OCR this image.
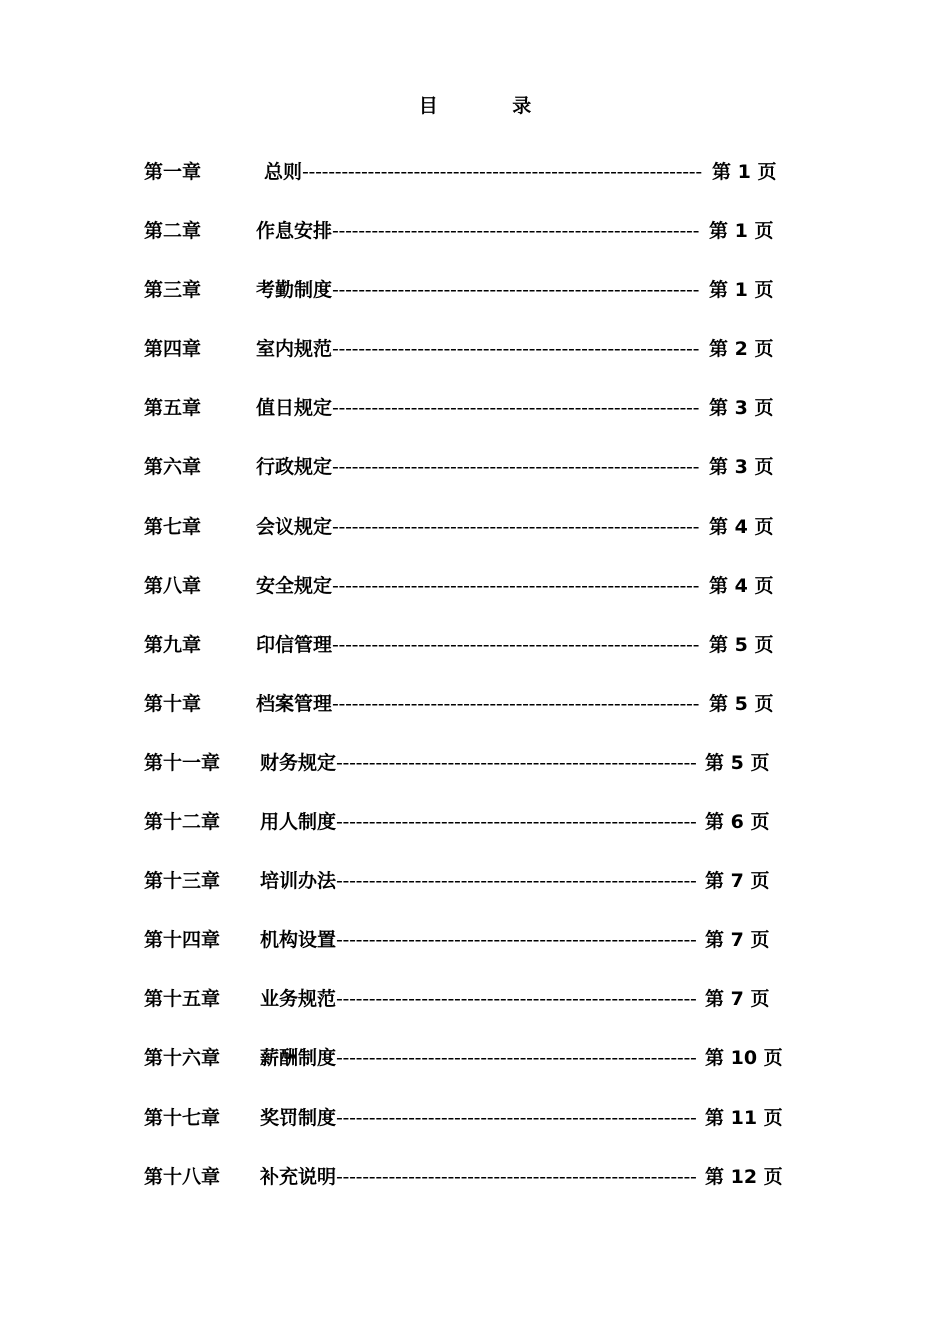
目 录
第一章	总则 ------------------------------------------------------------- 第 1 页
第二章	作息安排 -------------------------------------------------------- 第 1 页
第三章	考勤制度 -------------------------------------------------------- 第 1 页
第四章	室内规范 -------------------------------------------------------- 第 2 页
第五章	值日规定 -------------------------------------------------------- 第 3 页
第六章	行政规定 -------------------------------------------------------- 第 3 页
第七章	会议规定 -------------------------------------------------------- 第 4 页
第八章	安全规定 -------------------------------------------------------- 第 4 页
第九章	印信管理 -------------------------------------------------------- 第 5 页
第十章	档案管理 -------------------------------------------------------- 第 5 页
第十一章 财务规定 ------------------------------------------------------- 第 5 页
第十二章 用人制度 ------------------------------------------------------- 第 6 页
第十三章 培训办法 ------------------------------------------------------- 第 7 页
第十四章 机构设置 ------------------------------------------------------- 第 7 页
第十五章 业务规范 ------------------------------------------------------- 第 7 页
第十六章 薪酬制度 ------------------------------------------------------- 第 10 页
第十七章 奖罚制度 ------------------------------------------------------- 第 11 页
第十八章 补充说明 ------------------------------------------------------- 第 12 页
